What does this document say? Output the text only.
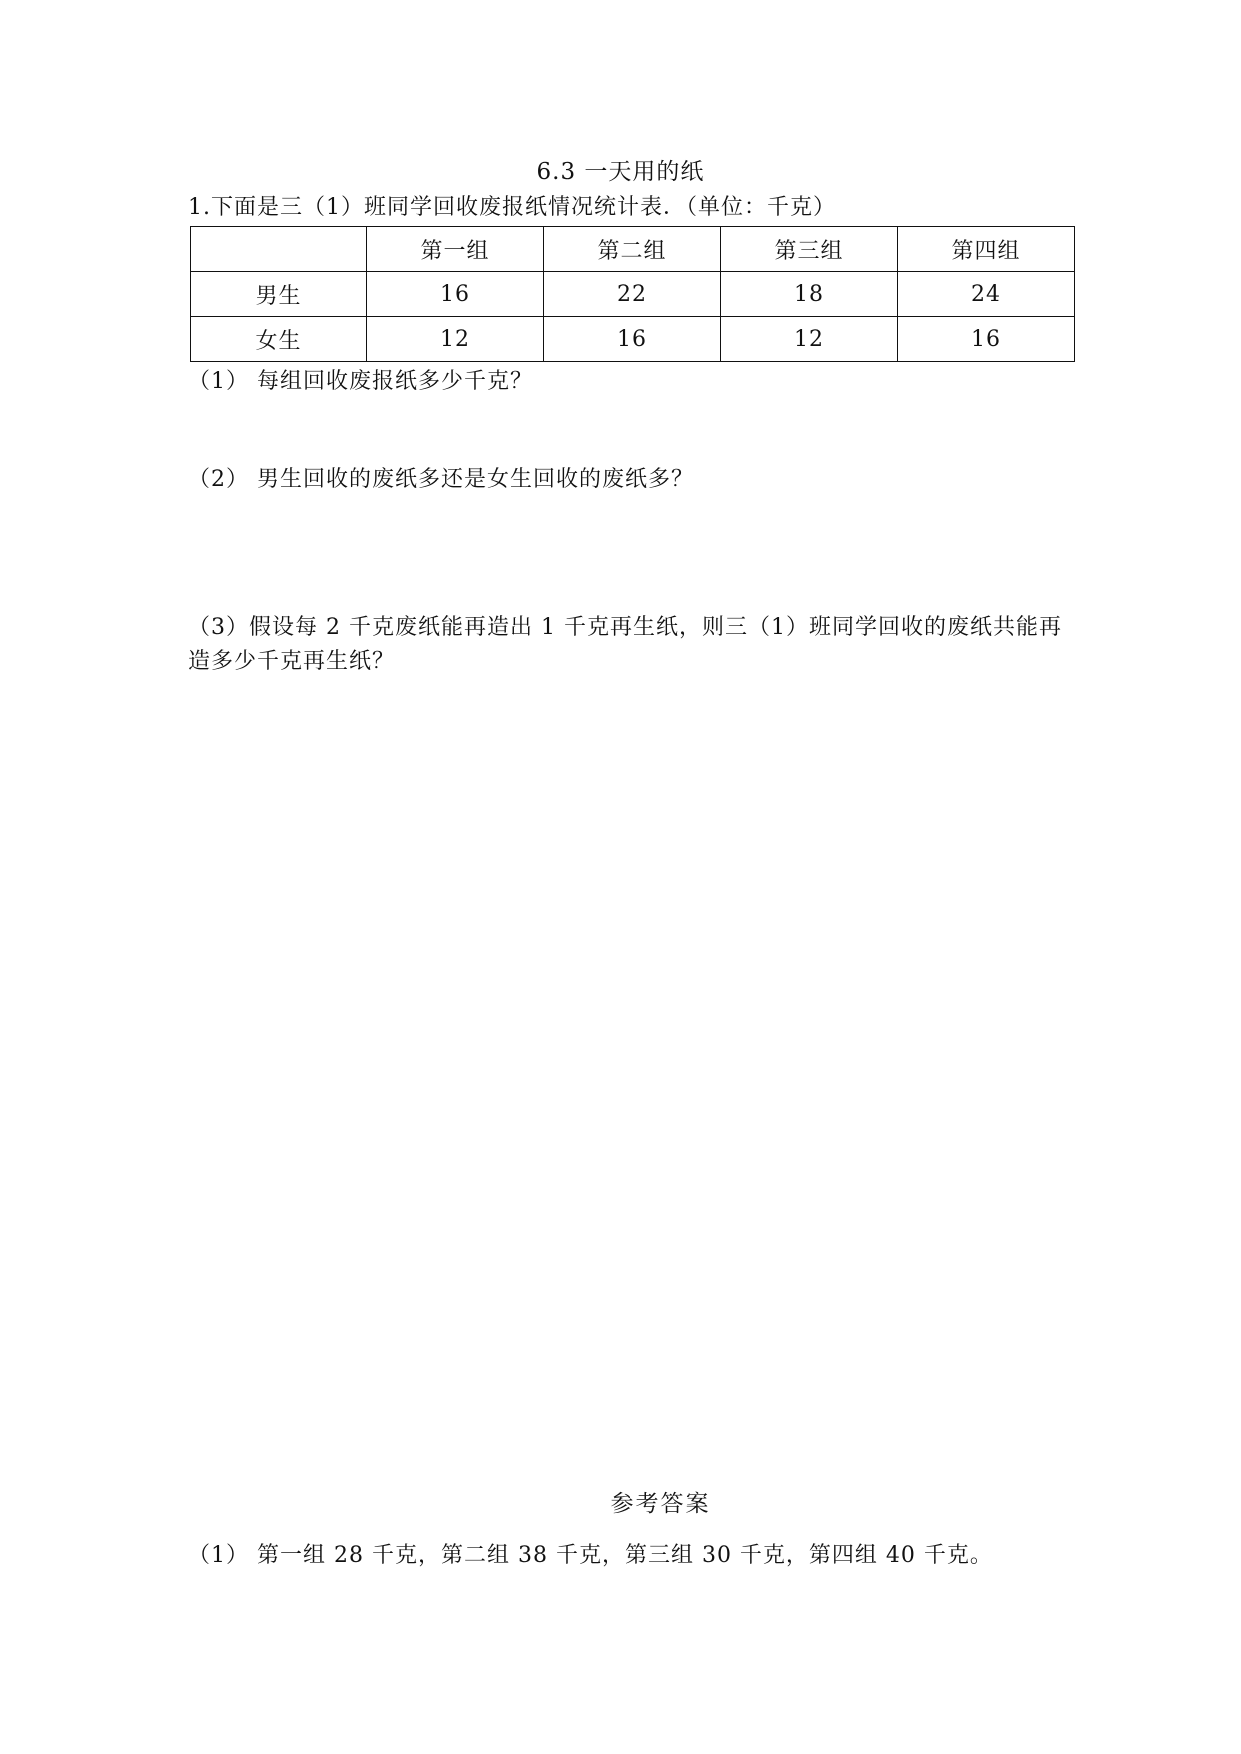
6.3 一天用的纸
1.下面是三（1）班同学回收废报纸情况统计表．（单位：千克）
	第一组	第二组	第三组	第四组
男生	16	22	18	24
女生	12	16	12	16
（1） 每组回收废报纸多少千克？
（2） 男生回收的废纸多还是女生回收的废纸多？
（3）假设每 2 千克废纸能再造出 1 千克再生纸，则三（1）班同学回收的废纸共能再造多少千克再生纸？
参考答案
（1） 第一组 28 千克，第二组 38 千克，第三组 30 千克，第四组 40 千克。
